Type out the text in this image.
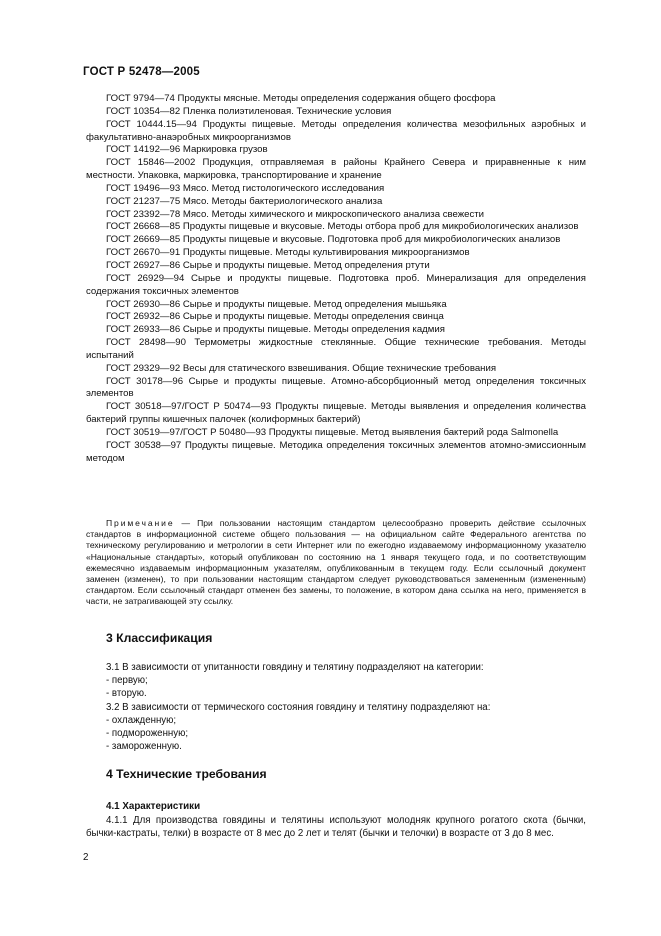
ГОСТ Р 52478—2005
ГОСТ 9794—74 Продукты мясные. Методы определения содержания общего фосфора
ГОСТ 10354—82 Пленка полиэтиленовая. Технические условия
ГОСТ 10444.15—94 Продукты пищевые. Методы определения количества мезофильных аэробных и факультативно-анаэробных микроорганизмов
ГОСТ 14192—96 Маркировка грузов
ГОСТ 15846—2002 Продукция, отправляемая в районы Крайнего Севера и приравненные к ним местности. Упаковка, маркировка, транспортирование и хранение
ГОСТ 19496—93 Мясо. Метод гистологического исследования
ГОСТ 21237—75 Мясо. Методы бактериологического анализа
ГОСТ 23392—78 Мясо. Методы химического и микроскопического анализа свежести
ГОСТ 26668—85 Продукты пищевые и вкусовые. Методы отбора проб для микробиологических анализов
ГОСТ 26669—85 Продукты пищевые и вкусовые. Подготовка проб для микробиологических анализов
ГОСТ 26670—91 Продукты пищевые. Методы культивирования микроорганизмов
ГОСТ 26927—86 Сырье и продукты пищевые. Метод определения ртути
ГОСТ 26929—94 Сырье и продукты пищевые. Подготовка проб. Минерализация для определения содержания токсичных элементов
ГОСТ 26930—86 Сырье и продукты пищевые. Метод определения мышьяка
ГОСТ 26932—86 Сырье и продукты пищевые. Методы определения свинца
ГОСТ 26933—86 Сырье и продукты пищевые. Методы определения кадмия
ГОСТ 28498—90 Термометры жидкостные стеклянные. Общие технические требования. Методы испытаний
ГОСТ 29329—92 Весы для статического взвешивания. Общие технические требования
ГОСТ 30178—96 Сырье и продукты пищевые. Атомно-абсорбционный метод определения токсичных элементов
ГОСТ 30518—97/ГОСТ Р 50474—93 Продукты пищевые. Методы выявления и определения количества бактерий группы кишечных палочек (колиформных бактерий)
ГОСТ 30519—97/ГОСТ Р 50480—93 Продукты пищевые. Метод выявления бактерий рода Salmonella
ГОСТ 30538—97 Продукты пищевые. Методика определения токсичных элементов атомно-эмиссионным методом
Примечание — При пользовании настоящим стандартом целесообразно проверить действие ссылочных стандартов в информационной системе общего пользования — на официальном сайте Федерального агентства по техническому регулированию и метрологии в сети Интернет или по ежегодно издаваемому информационному указателю «Национальные стандарты», который опубликован по состоянию на 1 января текущего года, и по соответствующим ежемесячно издаваемым информационным указателям, опубликованным в текущем году. Если ссылочный документ заменен (изменен), то при пользовании настоящим стандартом следует руководствоваться замененным (измененным) стандартом. Если ссылочный стандарт отменен без замены, то положение, в котором дана ссылка на него, применяется в части, не затрагивающей эту ссылку.
3 Классификация
3.1 В зависимости от упитанности говядину и телятину подразделяют на категории:
- первую;
- вторую.
3.2 В зависимости от термического состояния говядину и телятину подразделяют на:
- охлажденную;
- подмороженную;
- замороженную.
4 Технические требования
4.1 Характеристики
4.1.1 Для производства говядины и телятины используют молодняк крупного рогатого скота (бычки, бычки-кастраты, телки) в возрасте от 8 мес до 2 лет и телят (бычки и телочки) в возрасте от 3 до 8 мес.
2
